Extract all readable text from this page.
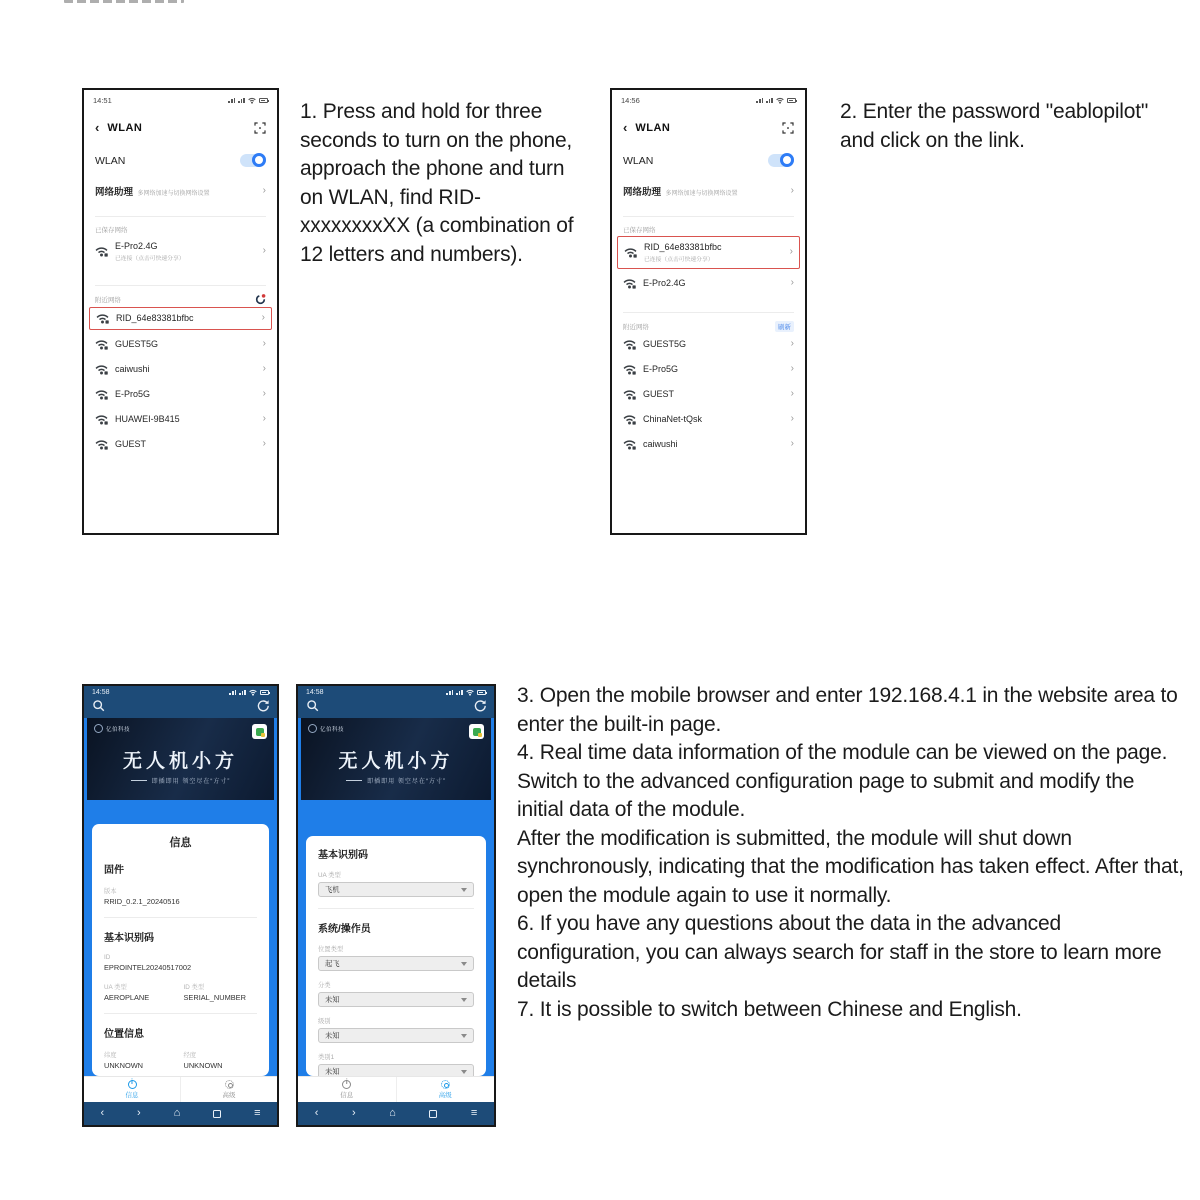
14:51
‹ WLAN
WLAN
网络助理 多网络加速与切换网络设置	›
已保存网络
E-Pro2.4G
已连接（点击可快速分享）
›
附近网络
RID_64e83381bfbc	›
GUEST5G	›
caiwushi	›
E-Pro5G	›
HUAWEI-9B415	›
GUEST	›
1. Press and hold for three seconds to turn on the phone, approach the phone and turn on WLAN, find RID-xxxxxxxxXX (a combination of 12 letters and numbers).
14:56
‹ WLAN
WLAN
网络助理 多网络加速与切换网络设置	›
已保存网络
RID_64e83381bfbc
已连接（点击可快速分享）
›
E-Pro2.4G	›
附近网络	刷新
GUEST5G	›
E-Pro5G	›
GUEST	›
ChinaNet-tQsk	›
caiwushi	›
2. Enter the password "eablopilot" and click on the link.
14:58
亿伯科技
无人机小方
即插即用 领空尽在“方寸”
信息
固件
版本
RRID_0.2.1_20240516
基本识别码
ID
EPROINTEL20240517002
UA 类型
AEROPLANE
ID 类型
SERIAL_NUMBER
位置信息
纬度
UNKNOWN
经度
UNKNOWN
i
信息	高级
‹	›	⌂	≡
14:58
亿伯科技
无人机小方
即插即用 领空尽在“方寸”
基本识别码
UA 类型
飞机
系统/操作员
位置类型
起飞
分类
未知
级别
未知
类别1
未知
i
信息	高级
‹	›	⌂	≡

3. Open the mobile browser and enter 192.168.4.1 in the website area to enter the built-in page.

4. Real time data information of the module can be viewed on the page. Switch to the advanced configuration page to submit and modify the initial data of the module.

After the modification is submitted, the module will shut down synchronously, indicating that the modification has taken effect. After that, open the module again to use it normally.

6. If you have any questions about the data in the advanced configuration, you can always search for staff in the store to learn more details

7. It is possible to switch between Chinese and English.
